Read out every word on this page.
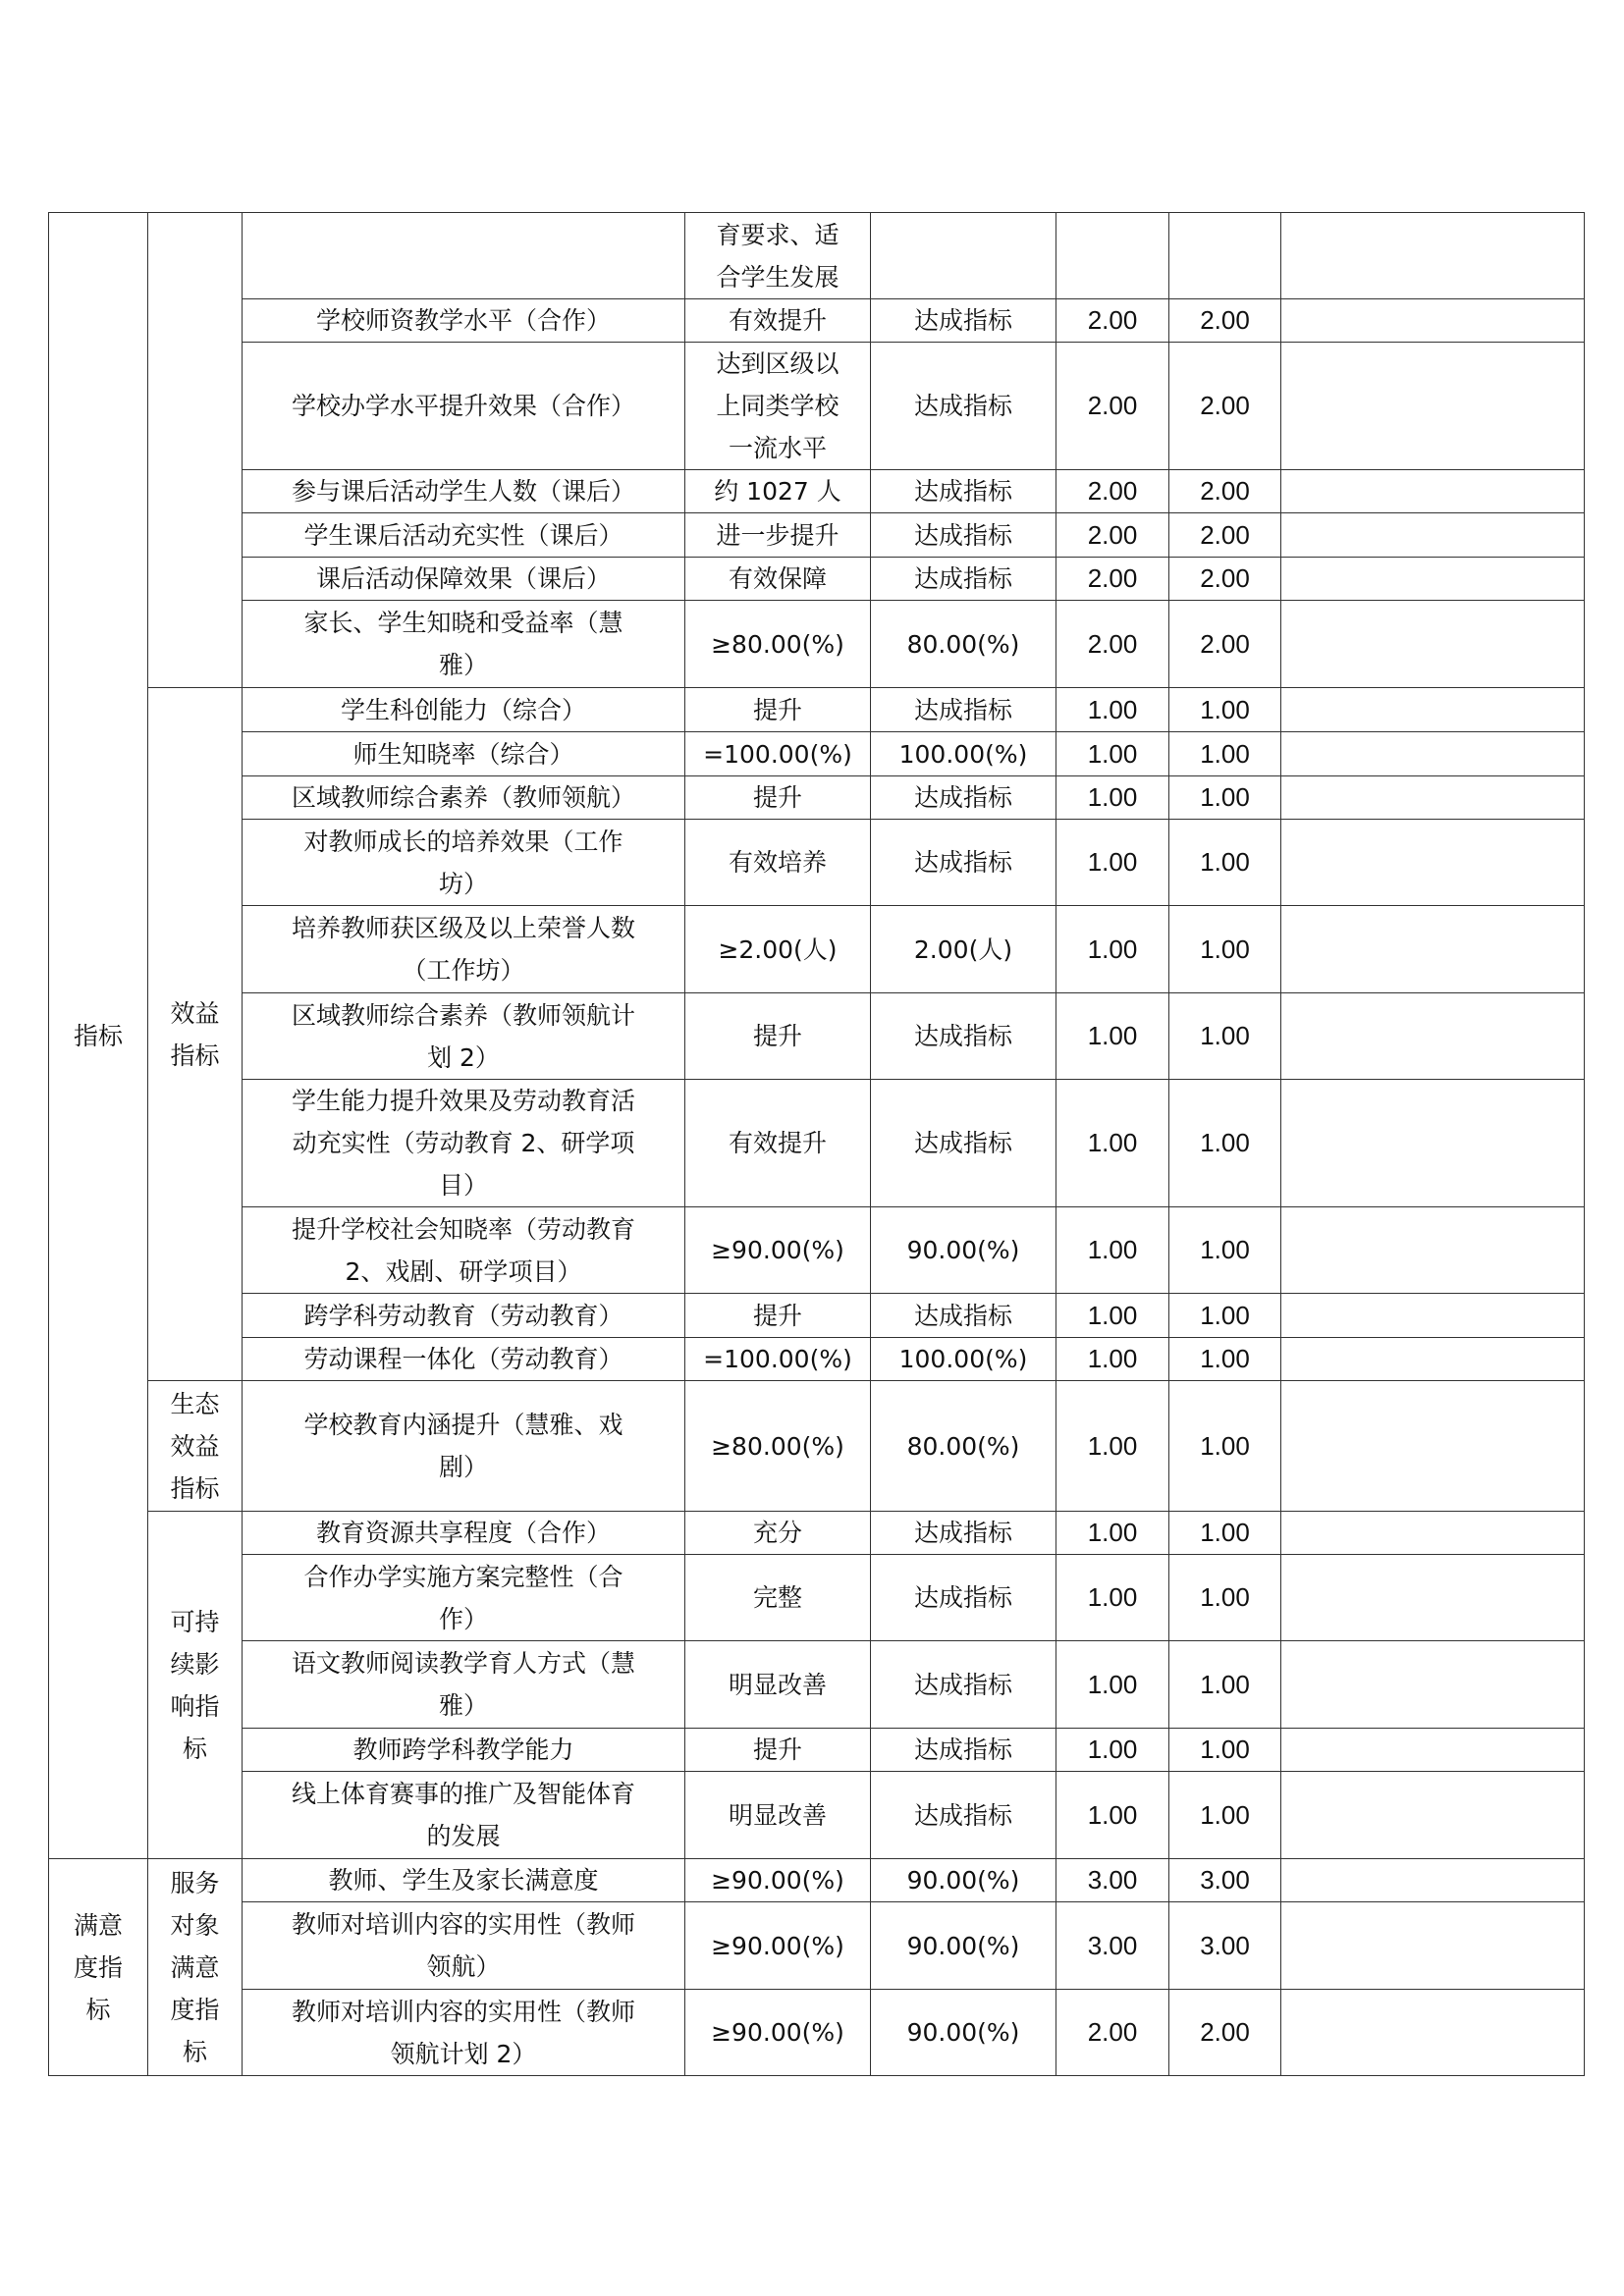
指标			育要求、适
合学生发展				
		学校师资教学水平（合作）	有效提升	达成指标	2.00	2.00	
		学校办学水平提升效果（合作）	达到区级以
上同类学校
一流水平	达成指标	2.00	2.00	
		参与课后活动学生人数（课后）	约 1027 人	达成指标	2.00	2.00	
		学生课后活动充实性（课后）	进一步提升	达成指标	2.00	2.00	
		课后活动保障效果（课后）	有效保障	达成指标	2.00	2.00	
		家长、学生知晓和受益率（慧
雅）	≥80.00(%)	80.00(%)	2.00	2.00	
	效益
指标	学生科创能力（综合）	提升	达成指标	1.00	1.00	
		师生知晓率（综合）	=100.00(%)	100.00(%)	1.00	1.00	
		区域教师综合素养（教师领航）	提升	达成指标	1.00	1.00	
		对教师成长的培养效果（工作
坊）	有效培养	达成指标	1.00	1.00	
		培养教师获区级及以上荣誉人数
（工作坊）	≥2.00(人)	2.00(人)	1.00	1.00	
		区域教师综合素养（教师领航计
划 2）	提升	达成指标	1.00	1.00	
		学生能力提升效果及劳动教育活
动充实性（劳动教育 2、研学项
目）	有效提升	达成指标	1.00	1.00	
		提升学校社会知晓率（劳动教育
2、戏剧、研学项目）	≥90.00(%)	90.00(%)	1.00	1.00	
		跨学科劳动教育（劳动教育）	提升	达成指标	1.00	1.00	
		劳动课程一体化（劳动教育）	=100.00(%)	100.00(%)	1.00	1.00	
	生态
效益
指标	学校教育内涵提升（慧雅、戏
剧）	≥80.00(%)	80.00(%)	1.00	1.00	
	可持
续影
响指
标	教育资源共享程度（合作）	充分	达成指标	1.00	1.00	
		合作办学实施方案完整性（合
作）	完整	达成指标	1.00	1.00	
		语文教师阅读教学育人方式（慧
雅）	明显改善	达成指标	1.00	1.00	
		教师跨学科教学能力	提升	达成指标	1.00	1.00	
		线上体育赛事的推广及智能体育
的发展	明显改善	达成指标	1.00	1.00	
满意
度指
标	服务
对象
满意
度指
标	教师、学生及家长满意度	≥90.00(%)	90.00(%)	3.00	3.00	
		教师对培训内容的实用性（教师
领航）	≥90.00(%)	90.00(%)	3.00	3.00	
		教师对培训内容的实用性（教师
领航计划 2）	≥90.00(%)	90.00(%)	2.00	2.00	
